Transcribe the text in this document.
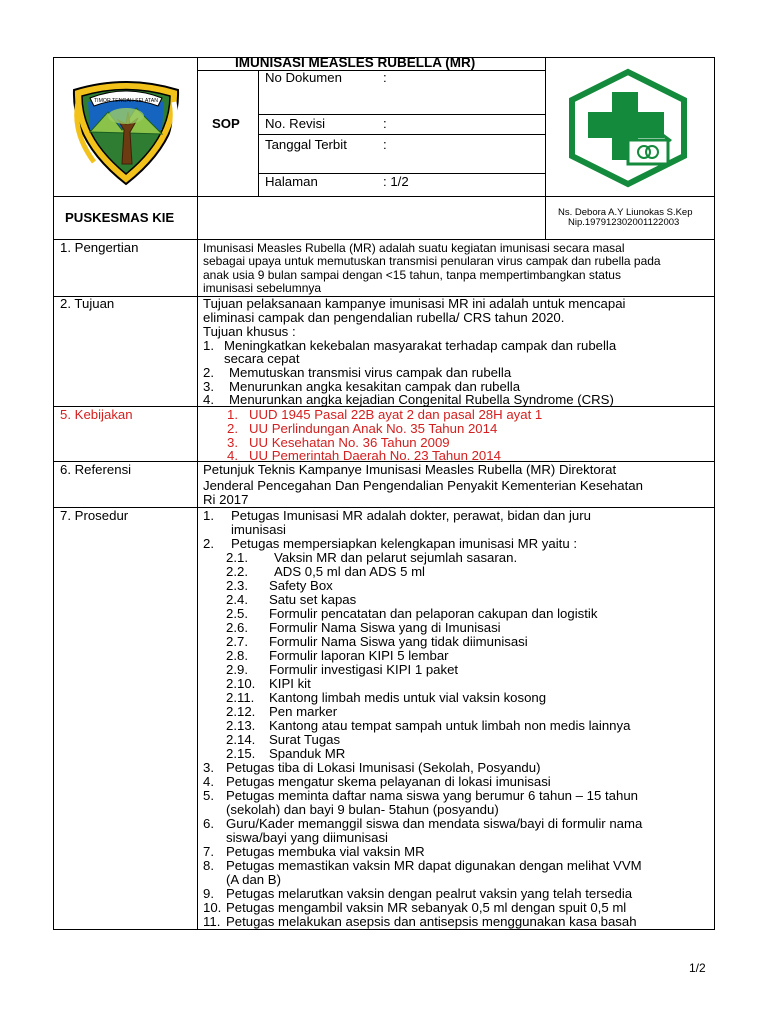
TIMOR TENGAH SELATAN
IMUNISASI MEASLES RUBELLA (MR)
SOP
No Dokumen	:
No. Revisi	:
Tanggal Terbit	:
Halaman	: 1/2
PUSKESMAS KIE	Ns. Debora A.Y Liunokas S.Kep
Nip.197912302001122003
1. Pengertian	Imunisasi Measles Rubella (MR) adalah suatu kegiatan imunisasi secara masal
sebagai upaya untuk memutuskan transmisi penularan virus campak dan rubella pada
anak usia 9 bulan sampai dengan <15 tahun, tanpa mempertimbangkan status
imunisasi sebelumnya
2. Tujuan	Tujuan pelaksanaan kampanye imunisasi MR ini adalah untuk mencapai
eliminasi campak dan pengendalian rubella/ CRS tahun 2020.
Tujuan khusus :
1. Meningkatkan kekebalan masyarakat terhadap campak dan rubella
secara cepat
2. Memutuskan transmisi virus campak dan rubella
3. Menurunkan angka kesakitan campak dan rubella
4. Menurunkan angka kejadian Congenital Rubella Syndrome (CRS)
5. Kebijakan	1. UUD 1945 Pasal 22B ayat 2 dan pasal 28H ayat 1
2. UU Perlindungan Anak No. 35 Tahun 2014
3. UU Kesehatan No. 36 Tahun 2009
4. UU Pemerintah Daerah No. 23 Tahun 2014
6. Referensi	Petunjuk Teknis Kampanye Imunisasi Measles Rubella (MR) Direktorat
Jenderal Pencegahan Dan Pengendalian Penyakit Kementerian Kesehatan
Ri 2017
7. Prosedur	1. Petugas Imunisasi MR adalah dokter, perawat, bidan dan juru
imunisasi
2. Petugas mempersiapkan kelengkapan imunisasi MR yaitu :
2.1. Vaksin MR dan pelarut sejumlah sasaran.
2.2. ADS 0,5 ml dan ADS 5 ml
2.3. Safety Box
2.4. Satu set kapas
2.5. Formulir pencatatan dan pelaporan cakupan dan logistik
2.6. Formulir Nama Siswa yang di Imunisasi
2.7. Formulir Nama Siswa yang tidak diimunisasi
2.8. Formulir laporan KIPI 5 lembar
2.9. Formulir investigasi KIPI 1 paket
2.10. KIPI kit
2.11. Kantong limbah medis untuk vial vaksin kosong
2.12. Pen marker
2.13. Kantong atau tempat sampah untuk limbah non medis lainnya
2.14. Surat Tugas
2.15. Spanduk MR
3. Petugas tiba di Lokasi Imunisasi (Sekolah, Posyandu)
4. Petugas mengatur skema pelayanan di lokasi imunisasi
5. Petugas meminta daftar nama siswa yang berumur 6 tahun – 15 tahun
(sekolah) dan bayi 9 bulan- 5tahun (posyandu)
6. Guru/Kader memanggil siswa dan mendata siswa/bayi di formulir nama
siswa/bayi yang diimunisasi
7. Petugas membuka vial vaksin MR
8. Petugas memastikan vaksin MR dapat digunakan dengan melihat VVM
(A dan B)
1/2
9. Petugas melarutkan vaksin dengan pealrut vaksin yang telah tersedia
10. Petugas mengambil vaksin MR sebanyak 0,5 ml dengan spuit 0,5 ml
11. Petugas melakukan asepsis dan antisepsis menggunakan kasa basah
